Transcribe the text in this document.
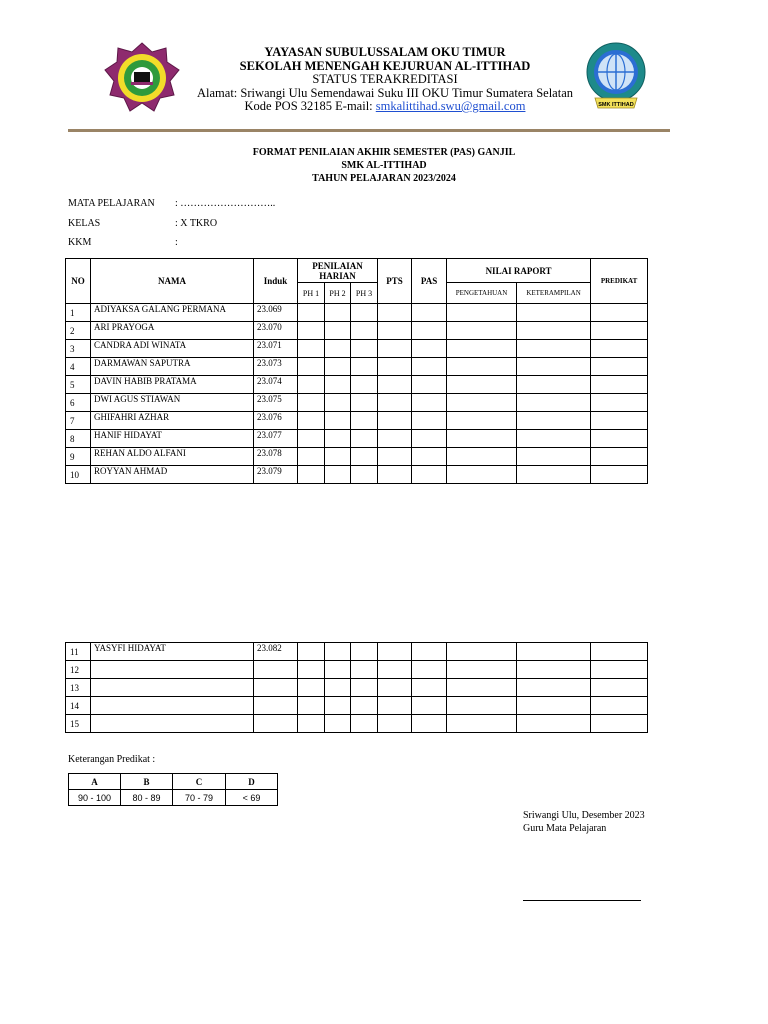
SMK ITTIHAD
YAYASAN SUBULUSSALAM OKU TIMUR
SEKOLAH MENENGAH KEJURUAN AL-ITTIHAD
STATUS TERAKREDITASI
Alamat: Sriwangi Ulu Semendawai Suku III OKU Timur Sumatera Selatan
Kode POS 32185 E-mail: smkalittihad.swu@gmail.com
FORMAT PENILAIAN AKHIR SEMESTER (PAS) GANJIL
SMK AL-ITTIHAD
TAHUN PELAJARAN 2023/2024
MATA PELAJARAN : ………………………..
KELAS	: X TKRO
KKM	:
NO	NAMA	Induk	PENILAIAN HARIAN			PTS	PAS	NILAI RAPORT		PREDIKAT
			PH 1	PH 2	PH 3			PENGETAHUAN	KETERAMPILAN	
1	ADIYAKSA GALANG PERMANA	23.069								
2	ARI PRAYOGA	23.070								
3	CANDRA ADI WINATA	23.071								
4	DARMAWAN SAPUTRA	23.073								
5	DAVIN HABIB PRATAMA	23.074								
6	DWI AGUS STIAWAN	23.075								
7	GHIFAHRI AZHAR	23.076								
8	HANIF HIDAYAT	23.077								
9	REHAN ALDO ALFANI	23.078								
10	ROYYAN AHMAD	23.079								
11	YASYFI HIDAYAT	23.082								
12										
13										
14										
15										
Keterangan Predikat :
A	B	C	D
90 - 100	80 - 89	70 - 79	< 69
Sriwangi Ulu, Desember 2023
Guru Mata Pelajaran
